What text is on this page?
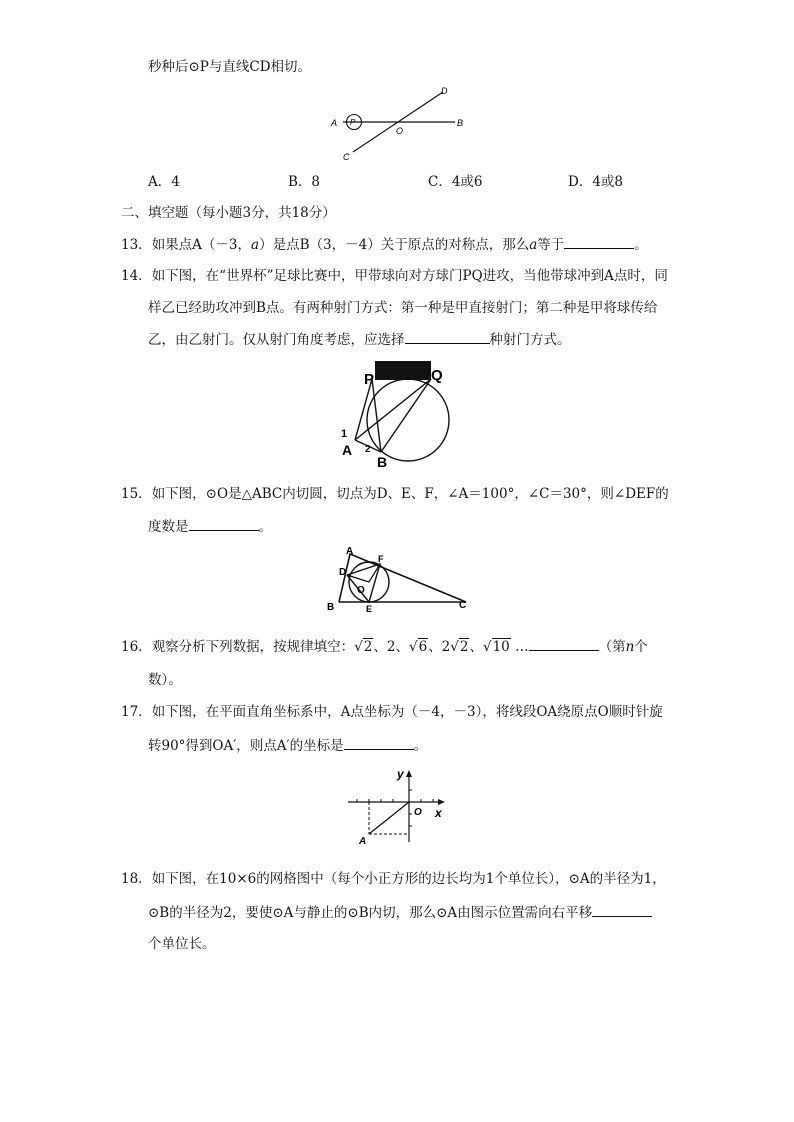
秒种后⊙P与直线CD相切。
A P
O
B
C
D
A．4	B．8	C．4或6	D．4或8
二、填空题（每小题3分，共18分）
13．如果点A（－3，a）是点B（3，－4）关于原点的对称点，那么a等于	。
14．如下图，在“世界杯”足球比赛中，甲带球向对方球门PQ进攻，当他带球冲到A点时，同
样乙已经助攻冲到B点。有两种射门方式：第一种是甲直接射门；第二种是甲将球传给
乙，由乙射门。仅从射门角度考虑，应选择	种射门方式。
P	Q
A
B
1
2
15．如下图，⊙O是△ABC内切圆，切点为D、E、F，∠A＝100°，∠C＝30°，则∠DEF的
度数是	。
A
F
D
O
B	E	C
16．观察分析下列数据，按规律填空：√2、2、√6、2√2、√10 …	（第n个
数）。
17．如下图，在平面直角坐标系中，A点坐标为（－4，－3），将线段OA绕原点O顺时针旋
转90°得到OA′，则点A′的坐标是	。
y
x
O
A
18．如下图，在10×6的网格图中（每个小正方形的边长均为1个单位长），⊙A的半径为1，
⊙B的半径为2，要使⊙A与静止的⊙B内切，那么⊙A由图示位置需向右平移
个单位长。
